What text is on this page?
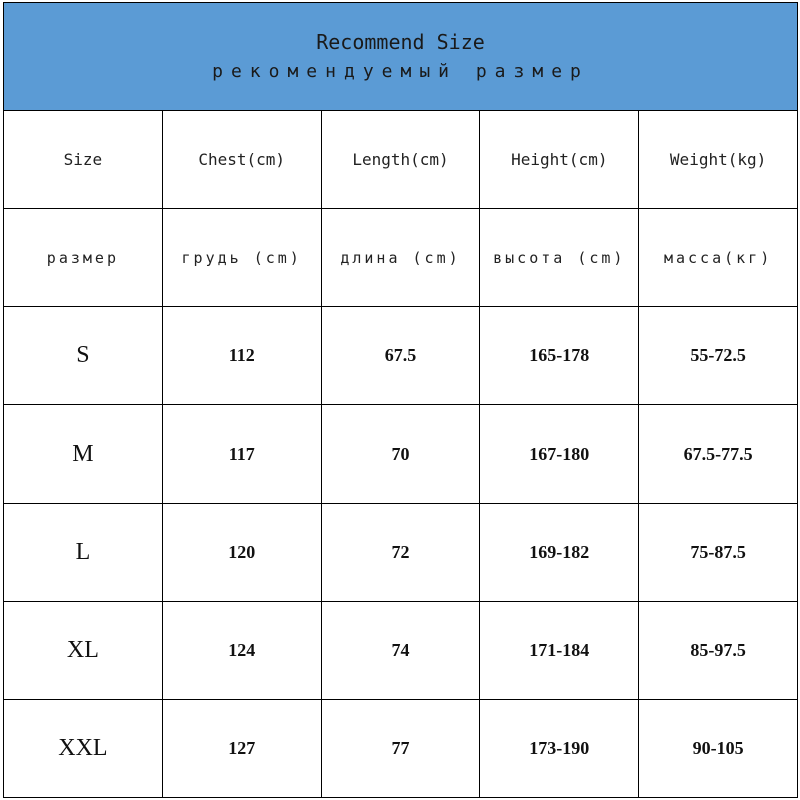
Recommend Size
рекомендуемый размер				

Size	Chest(cm)	Length(cm)	Height(cm)	Weight(kg)
размер	грудь (cm)	длина (cm)	высота (cm)	масса(кг)
S	112	67.5	165-178	55-72.5
M	117	70	167-180	67.5-77.5
L	120	72	169-182	75-87.5
XL	124	74	171-184	85-97.5
XXL	127	77	173-190	90-105
